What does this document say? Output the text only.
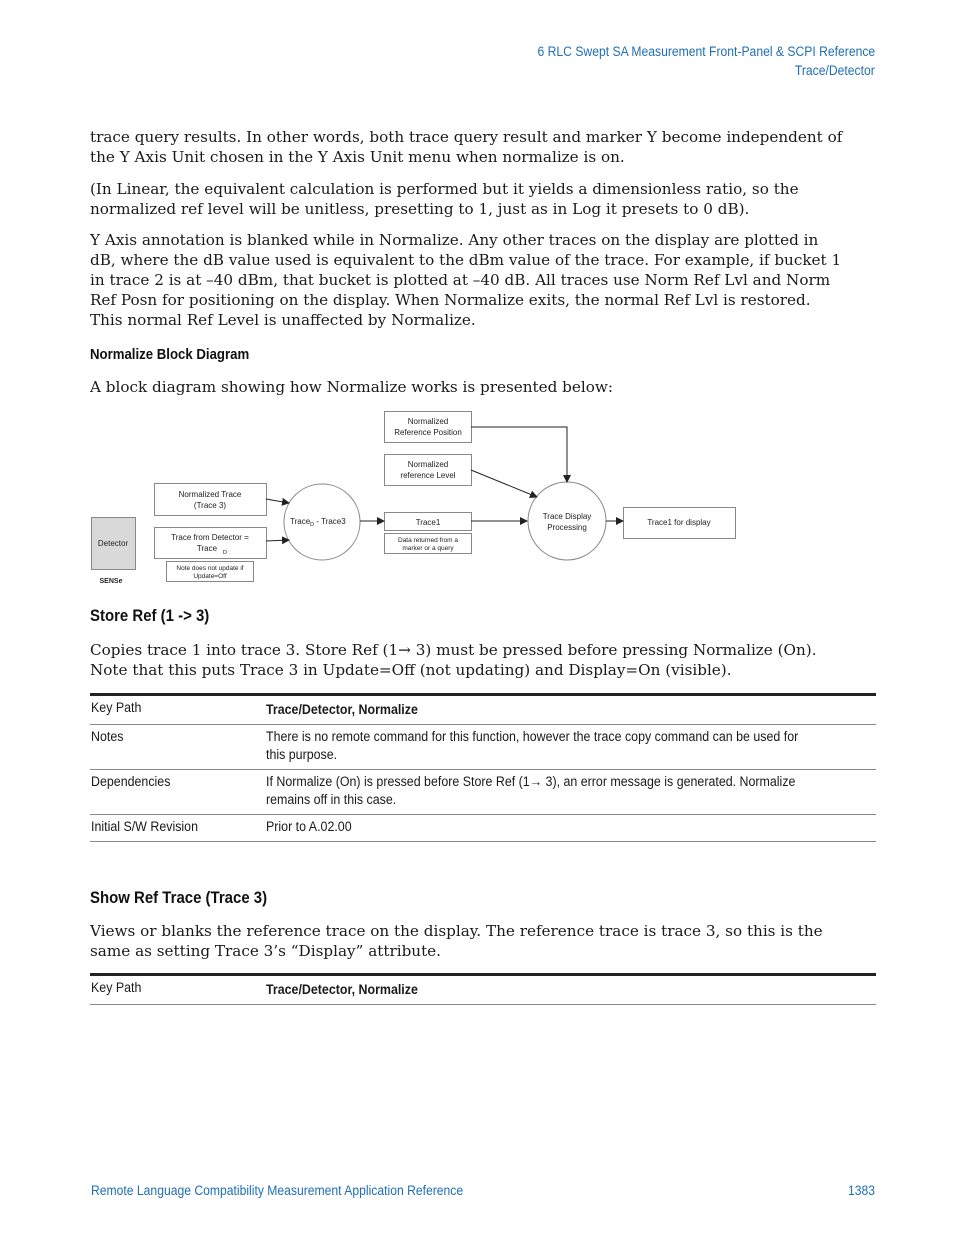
6 RLC Swept SA Measurement Front-Panel & SCPI Reference
Trace/Detector
trace query results. In other words, both trace query result and marker Y become independent of
the Y Axis Unit chosen in the Y Axis Unit menu when normalize is on.
(In Linear, the equivalent calculation is performed but it yields a dimensionless ratio, so the
normalized ref level will be unitless, presetting to 1, just as in Log it presets to 0 dB).
Y Axis annotation is blanked while in Normalize. Any other traces on the display are plotted in
dB, where the dB value used is equivalent to the dBm value of the trace. For example, if bucket 1
in trace 2 is at –40 dBm, that bucket is plotted at –40 dB. All traces use Norm Ref Lvl and Norm
Ref Posn for positioning on the display. When Normalize exits, the normal Ref Lvl is restored.
This normal Ref Level is unaffected by Normalize.
Normalize Block Diagram
A block diagram showing how Normalize works is presented below:
Normalized
Reference Position
Normalized
reference Level
Normalized Trace
(Trace 3)
Detector
SENSe
Trace from Detector =
Trace D
Note does not update if
Update=Off
Trace$_D$ - Trace3	Trace1
Data returned from a
marker or a query
Trace Display
Processing
Trace1 for display
Store Ref (1 -> 3)
Copies trace 1 into trace 3. Store Ref (1→ 3) must be pressed before pressing Normalize (On).
Note that this puts Trace 3 in Update=Off (not updating) and Display=On (visible).
Key Path	Trace/Detector, Normalize
Notes	There is no remote command for this function, however the trace copy command can be used for
this purpose.
Dependencies	If Normalize (On) is pressed before Store Ref (1→ 3), an error message is generated. Normalize
remains off in this case.
Initial S/W Revision	Prior to A.02.00
Show Ref Trace (Trace 3)
Views or blanks the reference trace on the display. The reference trace is trace 3, so this is the
same as setting Trace 3’s “Display” attribute.
Key Path	Trace/Detector, Normalize
Remote Language Compatibility Measurement Application Reference	1383
